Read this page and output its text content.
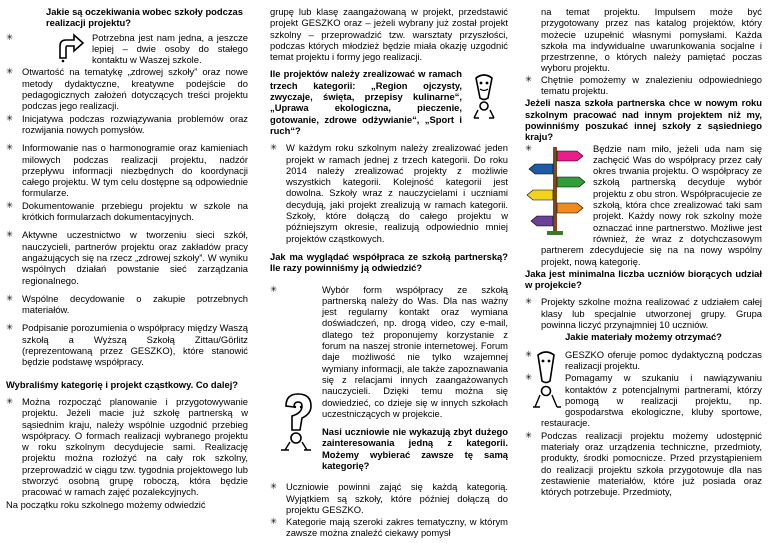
Jakie są oczekiwania wobec szkoły podczas realizacji projektu?

✳ Potrzebna jest nam jedna, a jeszcze lepiej – dwie osoby do stałego kontaktu w Waszej szkole.

✳ Otwartość na tematykę „zdrowej szkoły” oraz nowe metody dydaktyczne, kreatywne podejście do pedagogicznych założeń dotyczących treści projektu podczas jego realizacji.

✳ Inicjatywa podczas rozwiązywania problemów oraz rozwijania nowych pomysłów.

✳ Informowanie nas o harmonogramie oraz kamieniach milowych podczas realizacji projektu, nadzór przepływu informacji niezbędnych do koordynacji całego projektu. W tym celu dostępne są odpowiednie formularze.

✳ Dokumentowanie przebiegu projektu w szkole na krótkich formularzach dokumentacyjnych.

✳ Aktywne uczestnictwo w tworzeniu sieci szkół, nauczycieli, partnerów projektu oraz zakładów pracy angażujących się na rzecz „zdrowej szkoły”. W wyniku wspólnych działań powstanie sieć zarządzania regionalnego.

✳ Wspólne decydowanie o zakupie potrzebnych materiałów.

✳ Podpisanie porozumienia o współpracy między Waszą szkołą a Wyższą Szkołą Zittau/Görlitz (reprezentowaną przez GESZKO), które stanowić będzie podstawę współpracy.

Wybraliśmy kategorię i projekt cząstkowy. Co dalej?

✳ Można rozpocząć planowanie i przygotowywanie projektu. Jeżeli macie już szkołę partnerską w sąsiednim kraju, należy wspólnie uzgodnić przebieg współpracy. O formach realizacji wybranego projektu w roku szkolnym decydujecie sami. Realizację projektu można rozłożyć na cały rok szkolny, przeprowadzić w ciągu tzw. tygodnia projektowego lub stworzyć osobną grupę roboczą, która będzie pracować w ramach zajęć pozalekcyjnych.

Na początku roku szkolnego możemy odwiedzić

grupę lub klasę zaangażowaną w projekt, przedstawić projekt GESZKO oraz – jeżeli wybrany już został projekt szkolny – przeprowadzić tzw. warsztaty przyszłości, podczas których młodzież będzie miała okazję uzgodnić temat projektu i formy jego realizacji.

Ile projektów należy zrealizować w ramach trzech kategorii: „Region ojczysty, zwyczaje, święta, przepisy kulinarne“, „Uprawa ekologiczna, pieczenie, gotowanie, zdrowe odżywianie“, „Sport i ruch“?

✳ W każdym roku szkolnym należy zrealizować jeden projekt w ramach jednej z trzech kategorii. Do roku 2014 należy zrealizować projekty z możliwie wszystkich kategorii. Kolejność kategorii jest dowolna. Szkoły wraz z nauczycielami i uczniami decydują, jaki projekt zrealizują w ramach kategorii. Szkoły, które dołączą do całego projektu w późniejszym okresie, realizują odpowiednio mniej projektów cząstkowych.

Jak ma wyglądać współpraca ze szkołą partnerską? Ile razy powinniśmy ją odwiedzić?

✳ Wybór form współpracy ze szkołą partnerską należy do Was. Dla nas ważny jest regularny kontakt oraz wymiana doświadczeń, np. drogą video, czy e-mail, dlatego też proponujemy korzystanie z forum na naszej stronie internetowej. Forum daje możliwość nie tylko wzajemnej wymiany informacji, ale także zapoznawania się z relacjami innych zaangażowanych nauczycieli. Dzięki temu można się dowiedzieć, co dzieje się w innych szkołach uczestniczących w projekcie.

Nasi uczniowie nie wykazują zbyt dużego zainteresowania jedną z kategorii. Możemy wybierać zawsze tę samą kategorię?

✳ Uczniowie powinni zająć się każdą kategorią. Wyjątkiem są szkoły, które później dołączą do projektu GESZKO.

✳ Kategorie mają szeroki zakres tematyczny, w którym zawsze można znaleźć ciekawy pomysł

na temat projektu. Impulsem może być przygotowany przez nas katalog projektów, który możecie uzupełnić własnymi pomysłami. Każda szkoła ma indywidualne uwarunkowania socjalne i przestrzenne, o których należy pamiętać poczas wyboru projektu.

✳ Chętnie pomożemy w znalezieniu odpowiedniego tematu projektu.

Jeżeli nasza szkoła partnerska chce w nowym roku szkolnym pracować nad innym projektem niż my, powinniśmy poszukać innej szkoły z sąsiedniego kraju?

✳ Będzie nam miło, jeżeli uda nam się zachęcić Was do współpracy przez cały okres trwania projektu. O współpracy ze szkołą partnerską decyduje wybór projektu z obu stron. Współpracujecie ze szkołą, która chce zrealizować taki sam projekt. Każdy nowy rok szkolny może oznaczać inne partnerstwo. Możliwe jest również, że wraz z dotychczasowym partnerem zdecydujecie się na na nowy wspólny projekt, nową kategorię.

Jaka jest minimalna liczba uczniów biorących udział w projekcie?

✳ Projekty szkolne można realizować z udziałem całej klasy lub specjalnie utworzonej grupy. Grupa powinna liczyć przynajmniej 10 uczniów.

Jakie materiały możemy otrzymać?

✳ GESZKO oferuje pomoc dydaktyczną podczas realizacji projektu.

✳ Pomagamy w szukaniu i nawiązywaniu kontaktów z potencjalnymi partnerami, którzy pomogą w realizacji projektu, np. gospodarstwa ekologiczne, kluby sportowe, restauracje.

✳ Podczas realizacji projektu możemy udostępnić materiały oraz urządzenia techniczne, przedmioty, produkty, środki pomocnicze. Przed przystąpieniem do realizacji projektu szkoła przygotowuje dla nas zestawienie materiałów, które już posiada oraz których potrzebuje. Przedmioty,
